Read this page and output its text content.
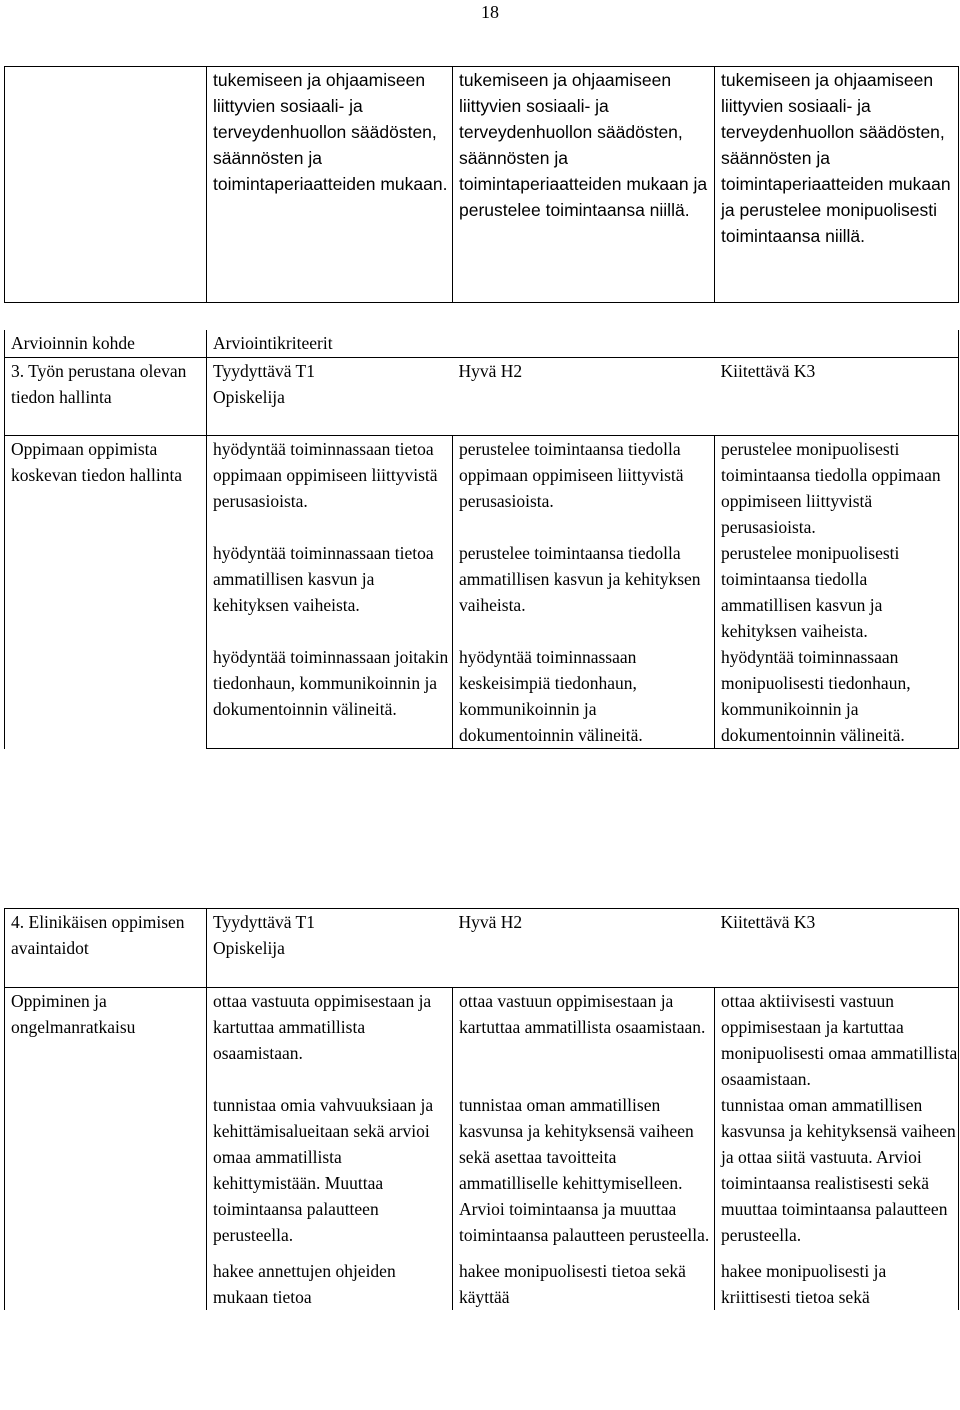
18
	tukemiseen ja ohjaamiseen liittyvien sosiaali- ja terveydenhuollon säädösten, säännösten ja toimintaperiaatteiden mukaan.	tukemiseen ja ohjaamiseen liittyvien sosiaali- ja terveydenhuollon säädösten, säännösten ja toimintaperiaatteiden mukaan ja perustelee toimintaansa niillä.	tukemiseen ja ohjaamiseen liittyvien sosiaali- ja terveydenhuollon säädösten, säännösten ja toimintaperiaatteiden mukaan ja perustelee monipuolisesti toimintaansa niillä.
Arvioinnin kohde	Arviointikriteerit		
3. Työn perustana olevan tiedon hallinta	Tyydyttävä T1	Hyvä H2	Kiitettävä K3
	Opiskelija		
Oppimaan oppimista koskevan tiedon hallinta	hyödyntää toiminnassaan tietoa oppimaan oppimiseen liittyvistä perusasioista.	perustelee toimintaansa tiedolla oppimaan oppimiseen liittyvistä perusasioista.	perustelee monipuolisesti toimintaansa tiedolla oppimaan oppimiseen liittyvistä perusasioista.
	hyödyntää toiminnassaan tietoa ammatillisen kasvun ja kehityksen vaiheista.	perustelee toimintaansa tiedolla ammatillisen kasvun ja kehityksen vaiheista.	perustelee monipuolisesti toimintaansa tiedolla ammatillisen kasvun ja kehityksen vaiheista.
	hyödyntää toiminnassaan joitakin tiedonhaun, kommunikoinnin ja dokumentoinnin välineitä.	hyödyntää toiminnassaan keskeisimpiä tiedonhaun, kommunikoinnin ja dokumentoinnin välineitä.	hyödyntää toiminnassaan monipuolisesti tiedonhaun, kommunikoinnin ja dokumentoinnin välineitä.
4. Elinikäisen oppimisen avaintaidot	Tyydyttävä T1	Hyvä H2	Kiitettävä K3
	Opiskelija		
Oppiminen ja ongelmanratkaisu	ottaa vastuuta oppimisestaan ja kartuttaa ammatillista osaamistaan.	ottaa vastuun oppimisestaan ja kartuttaa ammatillista osaamistaan.	ottaa aktiivisesti vastuun oppimisestaan ja kartuttaa monipuolisesti omaa ammatillista osaamistaan.
	tunnistaa omia vahvuuksiaan ja kehittämisalueitaan sekä arvioi omaa ammatillista kehittymistään. Muuttaa toimintaansa palautteen perusteella.	tunnistaa oman ammatillisen kasvunsa ja kehityksensä vaiheen sekä asettaa tavoitteita ammatilliselle kehittymiselleen. Arvioi toimintaansa ja muuttaa toimintaansa palautteen perusteella.	tunnistaa oman ammatillisen kasvunsa ja kehityksensä vaiheen ja ottaa siitä vastuuta. Arvioi toimintaansa realistisesti sekä muuttaa toimintaansa palautteen perusteella.
	hakee annettujen ohjeiden mukaan tietoa	hakee monipuolisesti tietoa sekä käyttää	hakee monipuolisesti ja kriittisesti tietoa sekä
